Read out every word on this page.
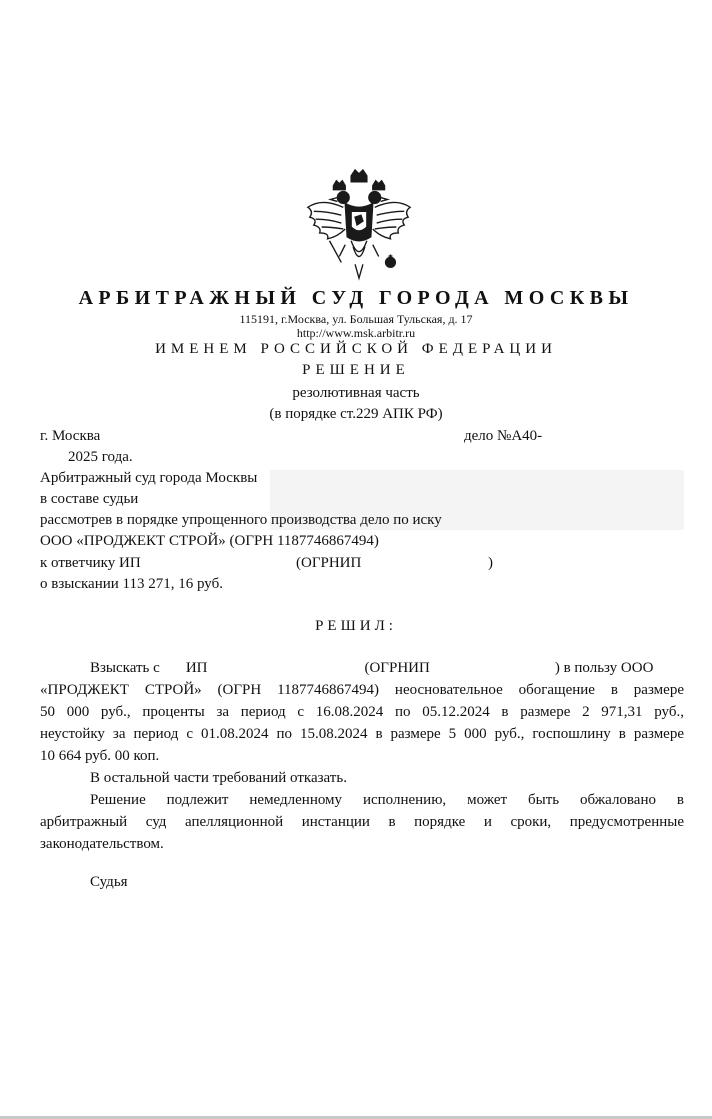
АРБИТРАЖНЫЙ СУД ГОРОДА МОСКВЫ
115191, г.Москва, ул. Большая Тульская, д. 17
http://www.msk.arbitr.ru
ИМЕНЕМ РОССИЙСКОЙ ФЕДЕРАЦИИ
РЕШЕНИЕ
резолютивная часть
(в порядке ст.229 АПК РФ)
г. Москва	дело №А40-
2025 года.
Арбитражный суд города Москвы
в составе судьи
рассмотрев в порядке упрощенного производства дело по иску
ООО «ПРОДЖЕКТ СТРОЙ» (ОГРН 1187746867494)
к ответчику ИП	(ОГРНИП	)
о взыскании 113 271, 16 руб.
РЕШИЛ:
Взыскать с ИП	(ОГРНИП	) в пользу ООО
«ПРОДЖЕКТ СТРОЙ» (ОГРН 1187746867494) неосновательное обогащение в размере
50 000 руб., проценты за период с 16.08.2024 по 05.12.2024 в размере 2 971,31 руб.,
неустойку за период с 01.08.2024 по 15.08.2024 в размере 5 000 руб., госпошлину в размере
10 664 руб. 00 коп.
В остальной части требований отказать.
Решение подлежит немедленному исполнению, может быть обжаловано в
арбитражный суд апелляционной инстанции в порядке и сроки, предусмотренные
законодательством.
Судья
